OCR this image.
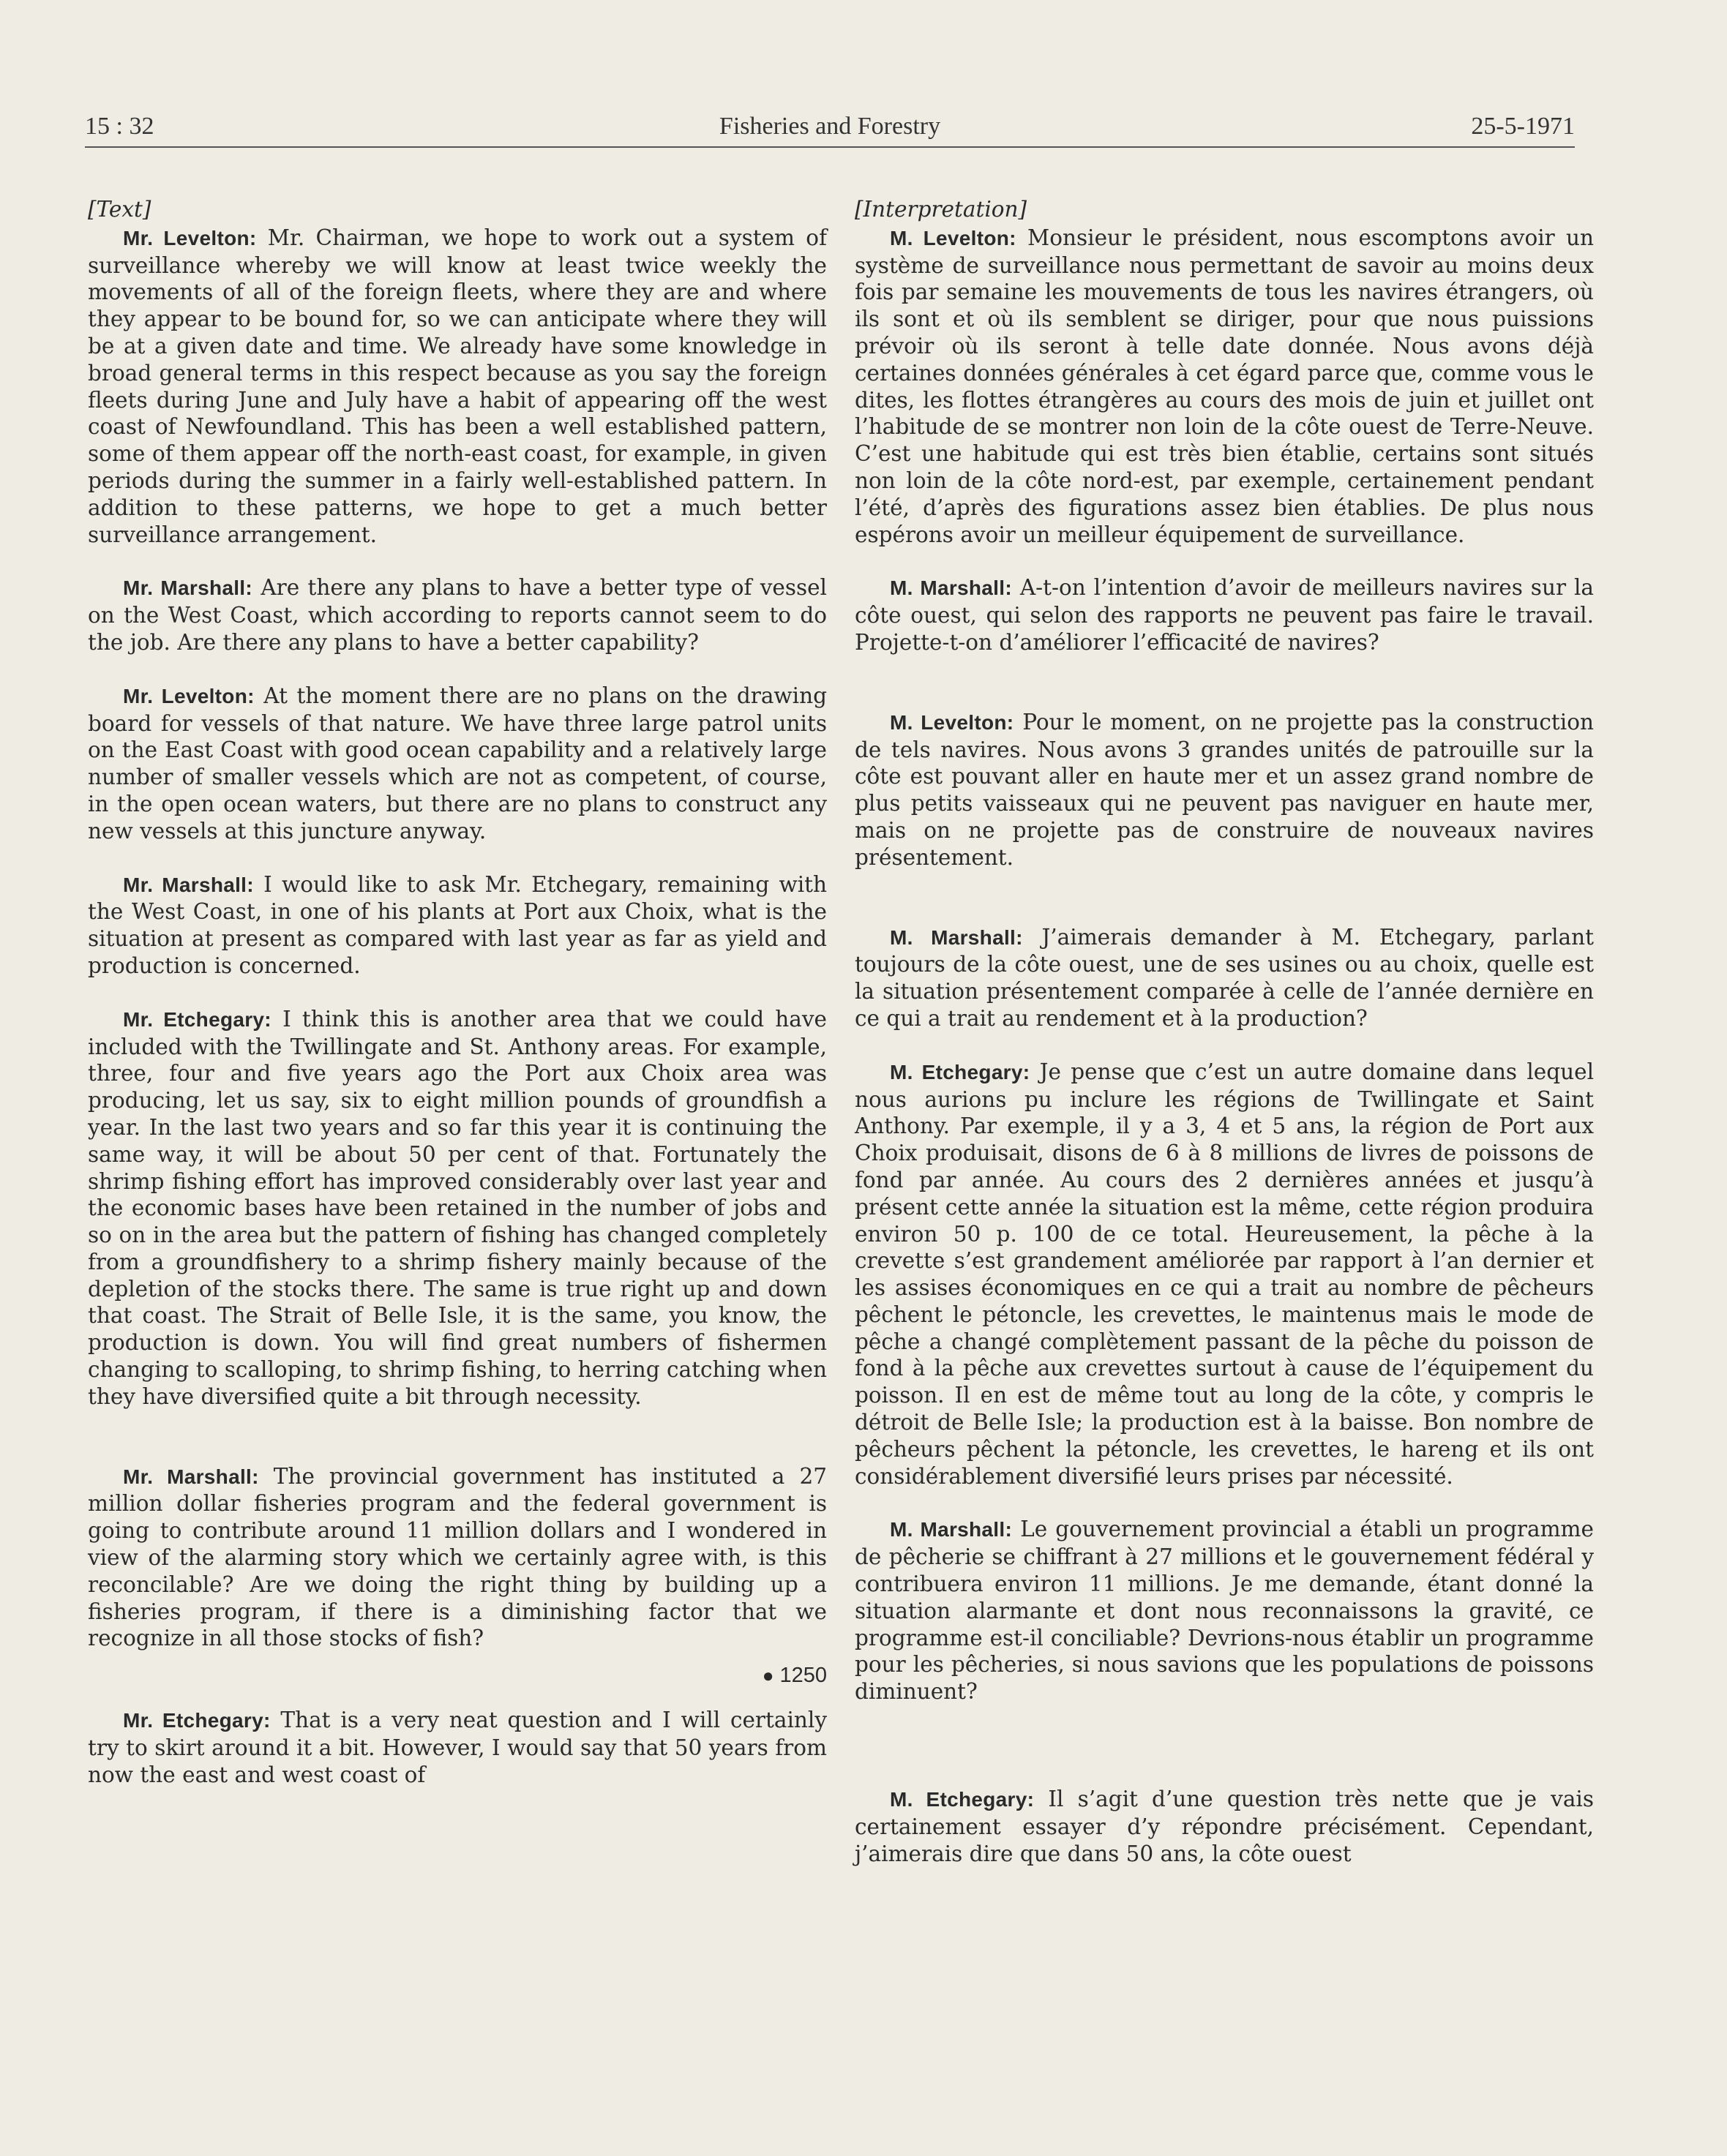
15 : 32	Fisheries and Forestry	25-5-1971
[Text]

Mr. Levelton: Mr. Chairman, we hope to work out a system of surveillance whereby we will know at least twice weekly the movements of all of the foreign fleets, where they are and where they appear to be bound for, so we can anticipate where they will be at a given date and time. We already have some knowledge in broad general terms in this respect because as you say the foreign fleets during June and July have a habit of appearing off the west coast of Newfoundland. This has been a well established pattern, some of them appear off the north-east coast, for example, in given periods during the summer in a fairly well-established pattern. In addition to these patterns, we hope to get a much better surveillance arrangement.

Mr. Marshall: Are there any plans to have a better type of vessel on the West Coast, which according to reports cannot seem to do the job. Are there any plans to have a better capability?

Mr. Levelton: At the moment there are no plans on the drawing board for vessels of that nature. We have three large patrol units on the East Coast with good ocean capability and a relatively large number of smaller vessels which are not as competent, of course, in the open ocean waters, but there are no plans to construct any new vessels at this juncture anyway.

Mr. Marshall: I would like to ask Mr. Etchegary, remaining with the West Coast, in one of his plants at Port aux Choix, what is the situation at present as compared with last year as far as yield and production is concerned.

Mr. Etchegary: I think this is another area that we could have included with the Twillingate and St. Anthony areas. For example, three, four and five years ago the Port aux Choix area was producing, let us say, six to eight million pounds of groundfish a year. In the last two years and so far this year it is continuing the same way, it will be about 50 per cent of that. Fortunately the shrimp fishing effort has improved considerably over last year and the economic bases have been retained in the number of jobs and so on in the area but the pattern of fishing has changed completely from a groundfishery to a shrimp fishery mainly because of the depletion of the stocks there. The same is true right up and down that coast. The Strait of Belle Isle, it is the same, you know, the production is down. You will find great numbers of fishermen changing to scalloping, to shrimp fishing, to herring catching when they have diversified quite a bit through necessity.

Mr. Marshall: The provincial government has instituted a 27 million dollar fisheries program and the federal government is going to contribute around 11 million dollars and I wondered in view of the alarming story which we certainly agree with, is this reconcilable? Are we doing the right thing by building up a fisheries program, if there is a diminishing factor that we recognize in all those stocks of fish?

● 1250

Mr. Etchegary: That is a very neat question and I will certainly try to skirt around it a bit. However, I would say that 50 years from now the east and west coast of

[Interpretation]

M. Levelton: Monsieur le président, nous escomptons avoir un système de surveillance nous permettant de savoir au moins deux fois par semaine les mouvements de tous les navires étrangers, où ils sont et où ils semblent se diriger, pour que nous puissions prévoir où ils seront à telle date donnée. Nous avons déjà certaines données générales à cet égard parce que, comme vous le dites, les flottes étrangères au cours des mois de juin et juillet ont l’habitude de se montrer non loin de la côte ouest de Terre-Neuve. C’est une habitude qui est très bien établie, certains sont situés non loin de la côte nord-est, par exemple, certainement pendant l’été, d’après des figurations assez bien établies. De plus nous espérons avoir un meilleur équipement de surveillance.

M. Marshall: A-t-on l’intention d’avoir de meilleurs navires sur la côte ouest, qui selon des rapports ne peuvent pas faire le travail. Projette-t-on d’améliorer l’efficacité de navires?

M. Levelton: Pour le moment, on ne projette pas la construction de tels navires. Nous avons 3 grandes unités de patrouille sur la côte est pouvant aller en haute mer et un assez grand nombre de plus petits vaisseaux qui ne peuvent pas naviguer en haute mer, mais on ne projette pas de construire de nouveaux navires présentement.

M. Marshall: J’aimerais demander à M. Etchegary, parlant toujours de la côte ouest, une de ses usines ou au choix, quelle est la situation présentement comparée à celle de l’année dernière en ce qui a trait au rendement et à la production?

M. Etchegary: Je pense que c’est un autre domaine dans lequel nous aurions pu inclure les régions de Twillingate et Saint Anthony. Par exemple, il y a 3, 4 et 5 ans, la région de Port aux Choix produisait, disons de 6 à 8 millions de livres de poissons de fond par année. Au cours des 2 dernières années et jusqu’à présent cette année la situation est la même, cette région produira environ 50 p. 100 de ce total. Heureusement, la pêche à la crevette s’est grandement améliorée par rapport à l’an dernier et les assises économiques en ce qui a trait au nombre de pêcheurs pêchent le pétoncle, les crevettes, le maintenus mais le mode de pêche a changé complètement passant de la pêche du poisson de fond à la pêche aux crevettes surtout à cause de l’équipement du poisson. Il en est de même tout au long de la côte, y compris le détroit de Belle Isle; la production est à la baisse. Bon nombre de pêcheurs pêchent la pétoncle, les crevettes, le hareng et ils ont considérablement diversifié leurs prises par nécessité.

M. Marshall: Le gouvernement provincial a établi un programme de pêcherie se chiffrant à 27 millions et le gouvernement fédéral y contribuera environ 11 millions. Je me demande, étant donné la situation alarmante et dont nous reconnaissons la gravité, ce programme est-il conciliable? Devrions-nous établir un programme pour les pêcheries, si nous savions que les populations de poissons diminuent?

M. Etchegary: Il s’agit d’une question très nette que je vais certainement essayer d’y répondre précisément. Cependant, j’aimerais dire que dans 50 ans, la côte ouest
